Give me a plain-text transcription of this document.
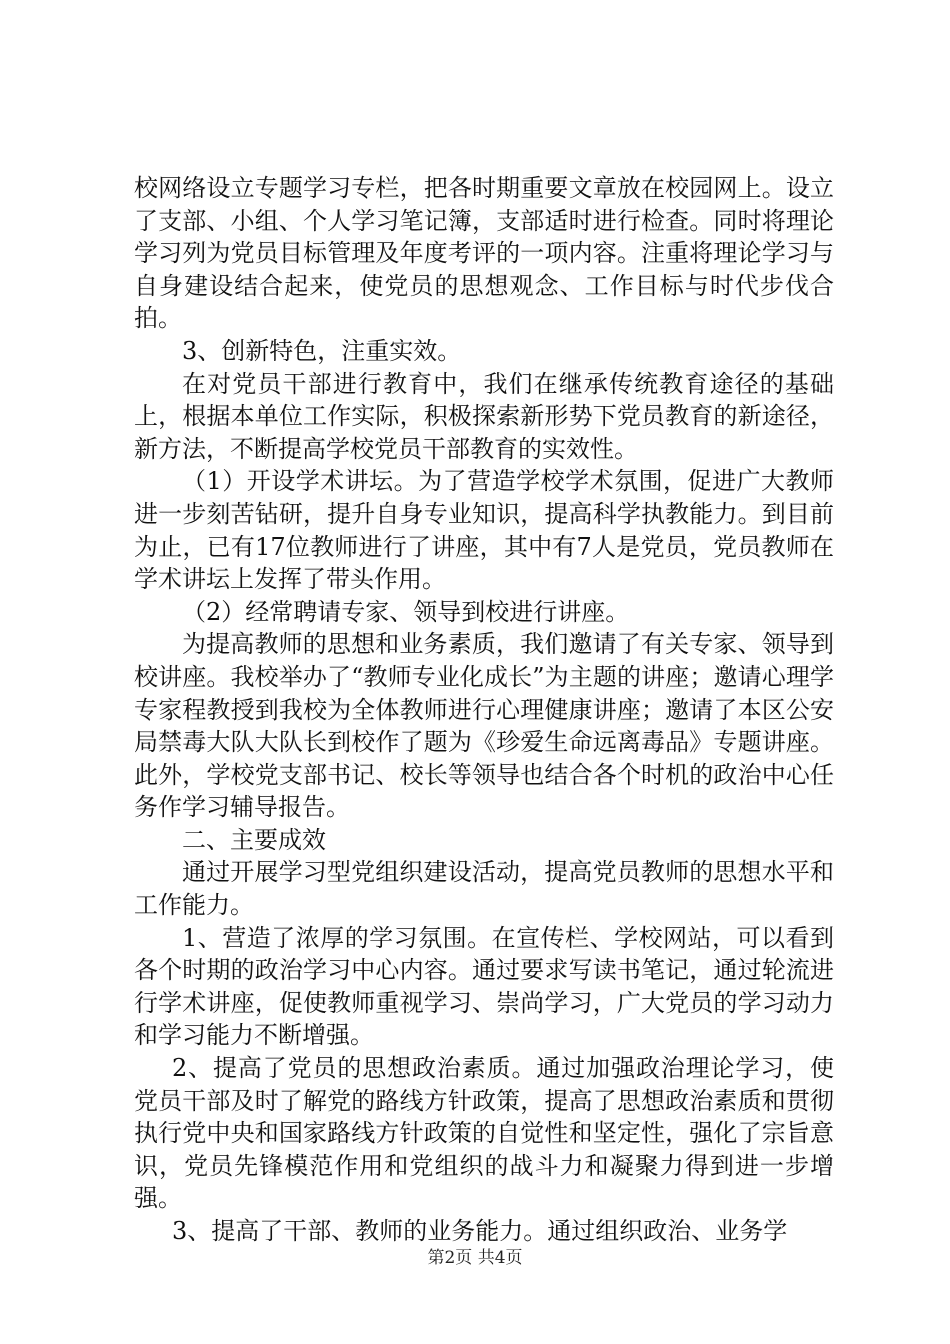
校网络设立专题学习专栏，把各时期重要文章放在校园网上。设立了支部、小组、个人学习笔记簿，支部适时进行检查。同时将理论学习列为党员目标管理及年度考评的一项内容。注重将理论学习与自身建设结合起来，使党员的思想观念、工作目标与时代步伐合拍。

3、创新特色，注重实效。

在对党员干部进行教育中，我们在继承传统教育途径的基础上，根据本单位工作实际，积极探索新形势下党员教育的新途径，新方法，不断提高学校党员干部教育的实效性。

（1）开设学术讲坛。为了营造学校学术氛围，促进广大教师进一步刻苦钻研，提升自身专业知识，提高科学执教能力。到目前为止，已有17位教师进行了讲座，其中有7人是党员，党员教师在学术讲坛上发挥了带头作用。

（2）经常聘请专家、领导到校进行讲座。

为提高教师的思想和业务素质，我们邀请了有关专家、领导到校讲座。我校举办了“教师专业化成长”为主题的讲座；邀请心理学专家程教授到我校为全体教师进行心理健康讲座；邀请了本区公安局禁毒大队大队长到校作了题为《珍爱生命远离毒品》专题讲座。此外，学校党支部书记、校长等领导也结合各个时机的政治中心任务作学习辅导报告。

二、主要成效

通过开展学习型党组织建设活动，提高党员教师的思想水平和工作能力。

1、营造了浓厚的学习氛围。在宣传栏、学校网站，可以看到各个时期的政治学习中心内容。通过要求写读书笔记，通过轮流进行学术讲座，促使教师重视学习、崇尚学习，广大党员的学习动力和学习能力不断增强。

2、提高了党员的思想政治素质。通过加强政治理论学习，使党员干部及时了解党的路线方针政策，提高了思想政治素质和贯彻执行党中央和国家路线方针政策的自觉性和坚定性，强化了宗旨意识，党员先锋模范作用和党组织的战斗力和凝聚力得到进一步增强。

3、提高了干部、教师的业务能力。通过组织政治、业务学

第2页 共4页
